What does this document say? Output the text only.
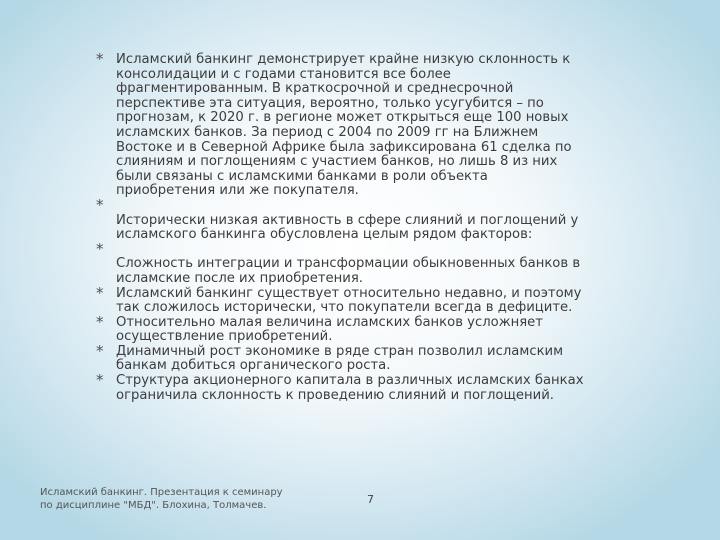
* Исламский банкинг демонстрирует крайне низкую склонность к консолидации и с годами становится все более фрагментированным. В краткосрочной и среднесрочной перспективе эта ситуация, вероятно, только усугубится – по прогнозам, к 2020 г. в регионе может открыться еще 100 новых исламских банков. За период с 2004 по 2009 гг на Ближнем Востоке и в Северной Африке была зафиксирована 61 сделка по слияниям и поглощениям с участием банков, но лишь 8 из них были связаны с исламскими банками в роли объекта приобретения или же покупателя.
*
Исторически низкая активность в сфере слияний и поглощений у исламского банкинга обусловлена целым рядом факторов:
*
Сложность интеграции и трансформации обыкновенных банков в исламские после их приобретения.
* Исламский банкинг существует относительно недавно, и поэтому так сложилось исторически, что покупатели всегда в дефиците.
* Относительно малая величина исламских банков усложняет осуществление приобретений.
* Динамичный рост экономике в ряде стран позволил исламским банкам добиться органического роста.
* Структура акционерного капитала в различных исламских банках ограничила склонность к проведению слияний и поглощений.
Исламский банкинг. Презентация к семинару
по дисциплине "МБД". Блохина, Толмачев.	7
